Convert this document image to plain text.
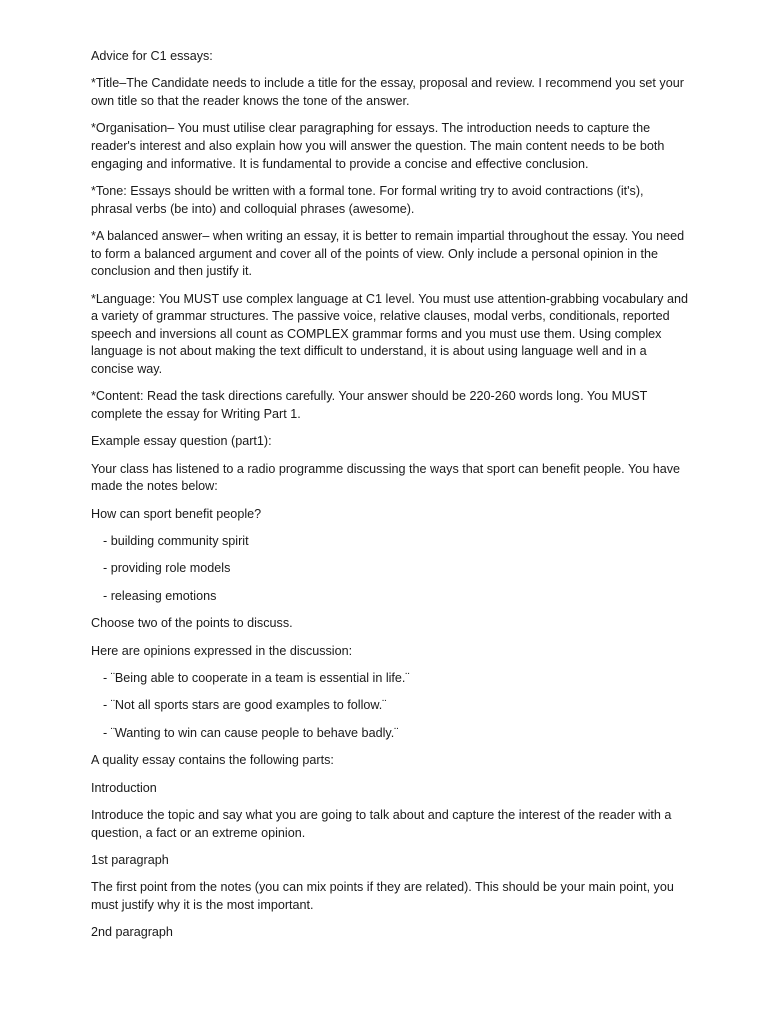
Advice for C1 essays:

*Title–The Candidate needs to include a title for the essay, proposal and review. I recommend you set your own title so that the reader knows the tone of the answer.

*Organisation– You must utilise clear paragraphing for essays. The introduction needs to capture the reader's interest and also explain how you will answer the question. The main content needs to be both engaging and informative. It is fundamental to provide a concise and effective conclusion.

*Tone: Essays should be written with a formal tone. For formal writing try to avoid contractions (it's), phrasal verbs (be into) and colloquial phrases (awesome).

*A balanced answer– when writing an essay, it is better to remain impartial throughout the essay. You need to form a balanced argument and cover all of the points of view. Only include a personal opinion in the conclusion and then justify it.

*Language: You MUST use complex language at C1 level. You must use attention-grabbing vocabulary and a variety of grammar structures. The passive voice, relative clauses, modal verbs, conditionals, reported speech and inversions all count as COMPLEX grammar forms and you must use them. Using complex language is not about making the text difficult to understand, it is about using language well and in a concise way.

*Content: Read the task directions carefully. Your answer should be 220-260 words long. You MUST complete the essay for Writing Part 1.

Example essay question (part1):

Your class has listened to a radio programme discussing the ways that sport can benefit people. You have made the notes below:

How can sport benefit people?

- building community spirit

- providing role models

- releasing emotions

Choose two of the points to discuss.

Here are opinions expressed in the discussion:

- ¨Being able to cooperate in a team is essential in life.¨

- ¨Not all sports stars are good examples to follow.¨

- ¨Wanting to win can cause people to behave badly.¨

A quality essay contains the following parts:

Introduction

Introduce the topic and say what you are going to talk about and capture the interest of the reader with a question, a fact or an extreme opinion.

1st paragraph

The first point from the notes (you can mix points if they are related). This should be your main point, you must justify why it is the most important.

2nd paragraph
